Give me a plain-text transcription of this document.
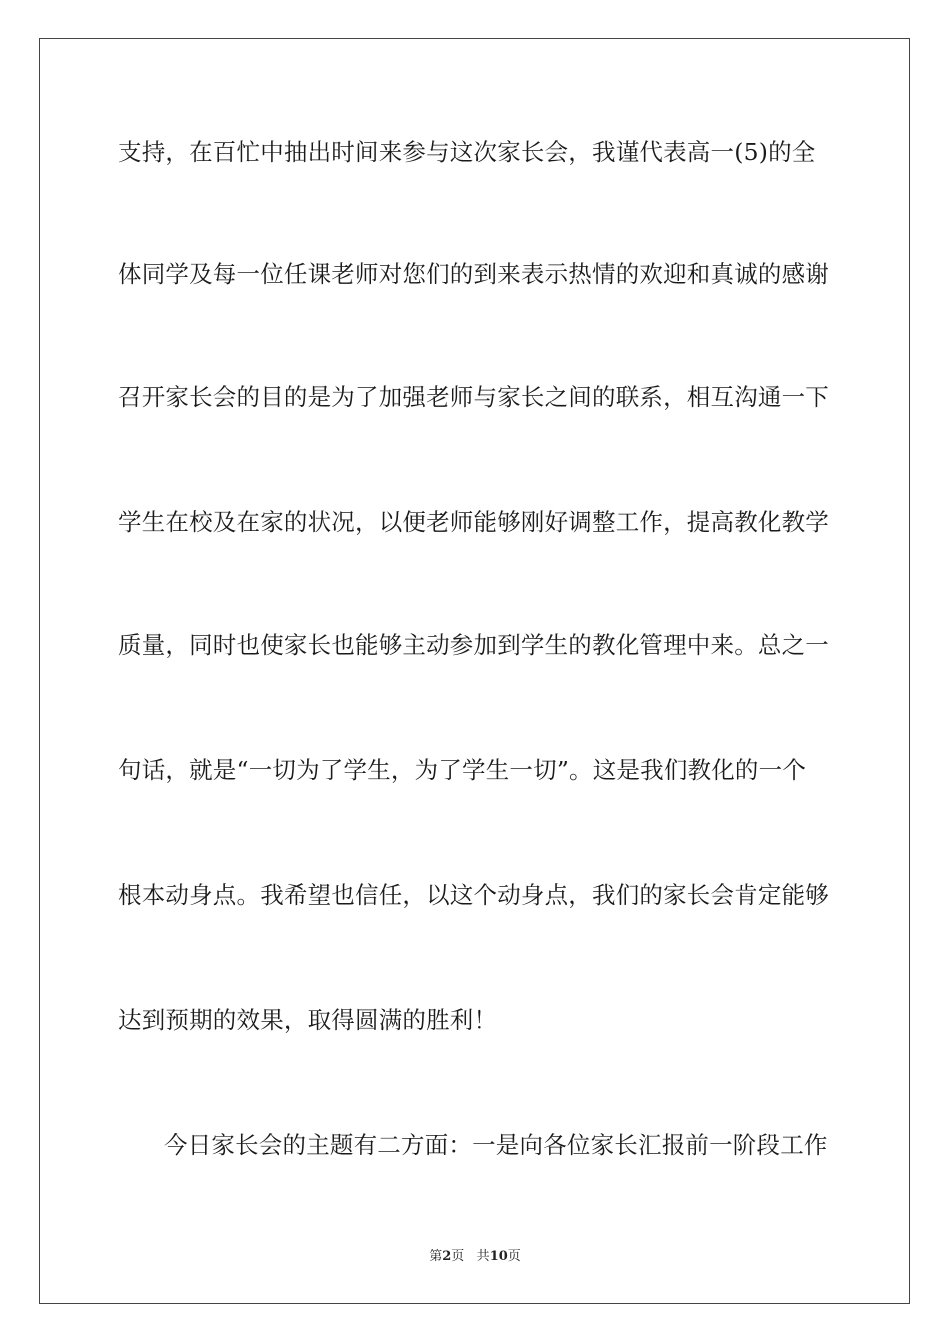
支持，在百忙中抽出时间来参与这次家长会，我谨代表高一(5)的全
体同学及每一位任课老师对您们的到来表示热情的欢迎和真诚的感谢
召开家长会的目的是为了加强老师与家长之间的联系，相互沟通一下
学生在校及在家的状况，以便老师能够刚好调整工作，提高教化教学
质量，同时也使家长也能够主动参加到学生的教化管理中来。总之一
句话，就是“一切为了学生，为了学生一切”。这是我们教化的一个
根本动身点。我希望也信任，以这个动身点，我们的家长会肯定能够
达到预期的效果，取得圆满的胜利！
今日家长会的主题有二方面：一是向各位家长汇报前一阶段工作
第2页 共10页
